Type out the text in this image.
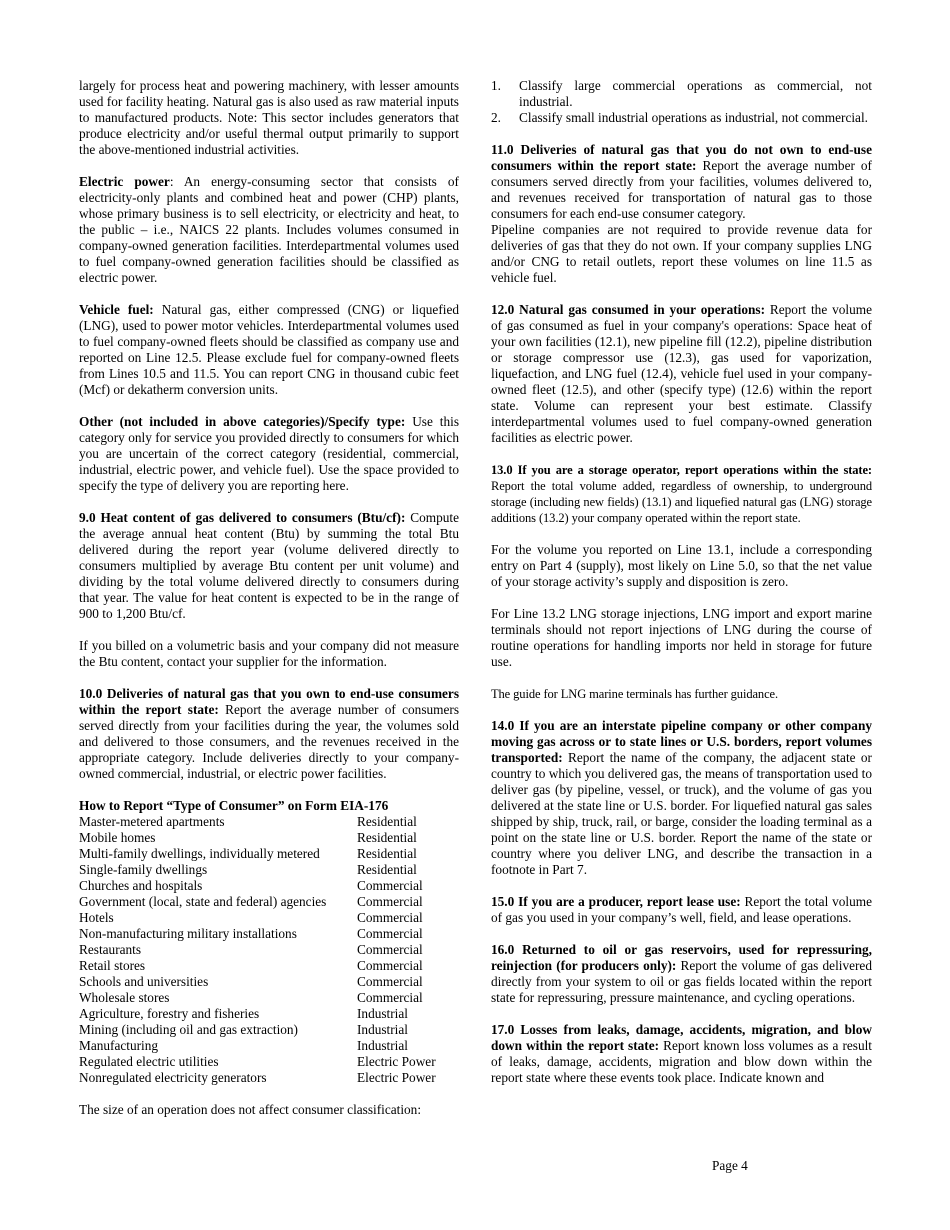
largely for process heat and powering machinery, with lesser amounts used for facility heating. Natural gas is also used as raw material inputs to manufactured products. Note: This sector includes generators that produce electricity and/or useful thermal output primarily to support the above-mentioned industrial activities.

Electric power: An energy-consuming sector that consists of electricity-only plants and combined heat and power (CHP) plants, whose primary business is to sell electricity, or electricity and heat, to the public – i.e., NAICS 22 plants. Includes volumes consumed in company-owned generation facilities. Interdepartmental volumes used to fuel company-owned generation facilities should be classified as electric power.

Vehicle fuel: Natural gas, either compressed (CNG) or liquefied (LNG), used to power motor vehicles. Interdepartmental volumes used to fuel company-owned fleets should be classified as company use and reported on Line 12.5. Please exclude fuel for company-owned fleets from Lines 10.5 and 11.5. You can report CNG in thousand cubic feet (Mcf) or dekatherm conversion units.

Other (not included in above categories)/Specify type: Use this category only for service you provided directly to consumers for which you are uncertain of the correct category (residential, commercial, industrial, electric power, and vehicle fuel). Use the space provided to specify the type of delivery you are reporting here.

9.0 Heat content of gas delivered to consumers (Btu/cf): Compute the average annual heat content (Btu) by summing the total Btu delivered during the report year (volume delivered directly to consumers multiplied by average Btu content per unit volume) and dividing by the total volume delivered directly to consumers during that year. The value for heat content is expected to be in the range of 900 to 1,200 Btu/cf.

If you billed on a volumetric basis and your company did not measure the Btu content, contact your supplier for the information.

10.0 Deliveries of natural gas that you own to end-use consumers within the report state: Report the average number of consumers served directly from your facilities during the year, the volumes sold and delivered to those consumers, and the revenues received in the appropriate category. Include deliveries directly to your company-owned commercial, industrial, or electric power facilities.

How to Report “Type of Consumer” on Form EIA-176
Master-metered apartments	Residential
Mobile homes	Residential
Multi-family dwellings, individually metered	Residential
Single-family dwellings	Residential
Churches and hospitals	Commercial
Government (local, state and federal) agencies	Commercial
Hotels	Commercial
Non-manufacturing military installations	Commercial
Restaurants	Commercial
Retail stores	Commercial
Schools and universities	Commercial
Wholesale stores	Commercial
Agriculture, forestry and fisheries	Industrial
Mining (including oil and gas extraction)	Industrial
Manufacturing	Industrial
Regulated electric utilities	Electric Power
Nonregulated electricity generators	Electric Power

The size of an operation does not affect consumer classification:

1.	Classify large commercial operations as commercial, not industrial.
2.	Classify small industrial operations as industrial, not commercial.

11.0 Deliveries of natural gas that you do not own to end-use consumers within the report state: Report the average number of consumers served directly from your facilities, volumes delivered to, and revenues received for transportation of natural gas to those consumers for each end-use consumer category.

Pipeline companies are not required to provide revenue data for deliveries of gas that they do not own. If your company supplies LNG and/or CNG to retail outlets, report these volumes on line 11.5 as vehicle fuel.

12.0 Natural gas consumed in your operations: Report the volume of gas consumed as fuel in your company's operations: Space heat of your own facilities (12.1), new pipeline fill (12.2), pipeline distribution or storage compressor use (12.3), gas used for vaporization, liquefaction, and LNG fuel (12.4), vehicle fuel used in your company-owned fleet (12.5), and other (specify type) (12.6) within the report state. Volume can represent your best estimate. Classify interdepartmental volumes used to fuel company-owned generation facilities as electric power.

13.0 If you are a storage operator, report operations within the state: Report the total volume added, regardless of ownership, to underground storage (including new fields) (13.1) and liquefied natural gas (LNG) storage additions (13.2) your company operated within the report state.

For the volume you reported on Line 13.1, include a corresponding entry on Part 4 (supply), most likely on Line 5.0, so that the net value of your storage activity’s supply and disposition is zero.

For Line 13.2 LNG storage injections, LNG import and export marine terminals should not report injections of LNG during the course of routine operations for handling imports nor held in storage for future use.

The guide for LNG marine terminals has further guidance.

14.0 If you are an interstate pipeline company or other company moving gas across or to state lines or U.S. borders, report volumes transported: Report the name of the company, the adjacent state or country to which you delivered gas, the means of transportation used to deliver gas (by pipeline, vessel, or truck), and the volume of gas you delivered at the state line or U.S. border. For liquefied natural gas sales shipped by ship, truck, rail, or barge, consider the loading terminal as a point on the state line or U.S. border. Report the name of the state or country where you deliver LNG, and describe the transaction in a footnote in Part 7.

15.0 If you are a producer, report lease use: Report the total volume of gas you used in your company’s well, field, and lease operations.

16.0 Returned to oil or gas reservoirs, used for repressuring, reinjection (for producers only): Report the volume of gas delivered directly from your system to oil or gas fields located within the report state for repressuring, pressure maintenance, and cycling operations.

17.0 Losses from leaks, damage, accidents, migration, and blow down within the report state: Report known loss volumes as a result of leaks, damage, accidents, migration and blow down within the report state where these events took place. Indicate known and

Page 4
